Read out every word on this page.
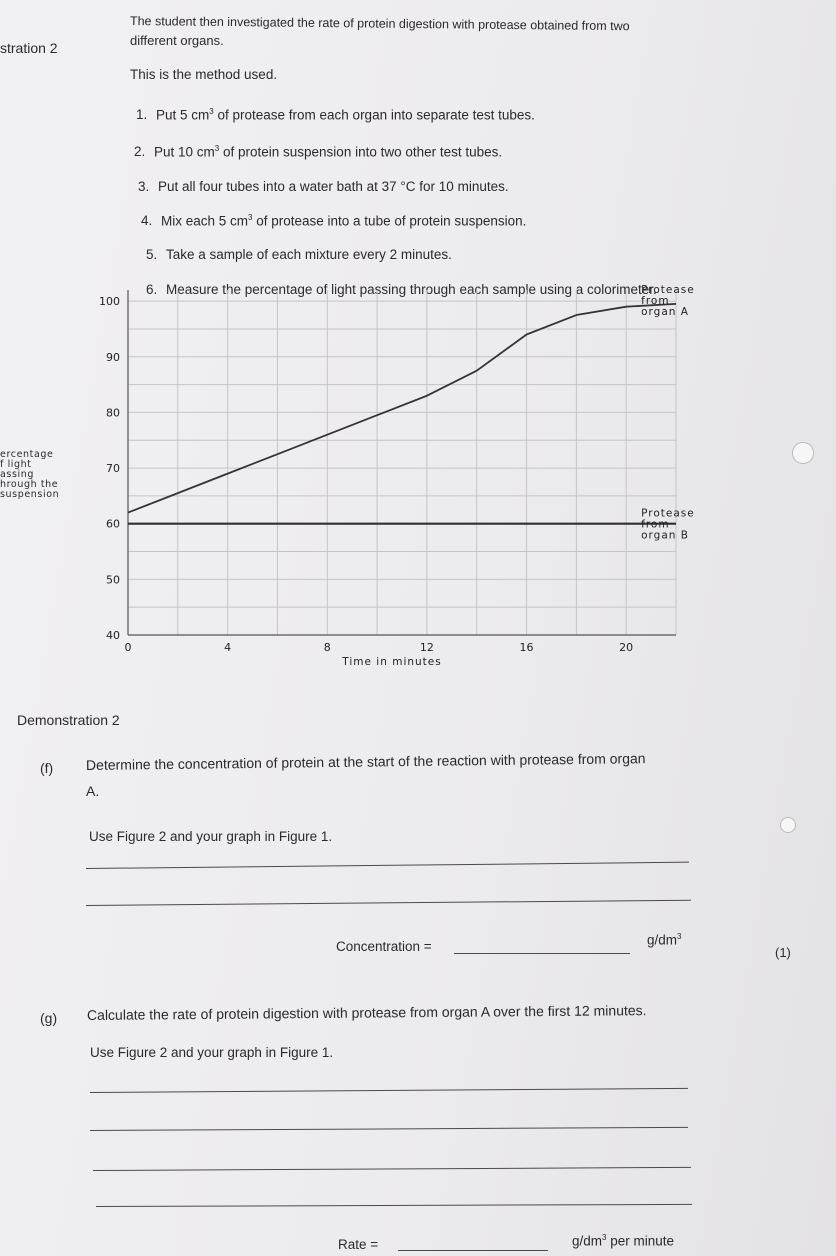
The student then investigated the rate of protein digestion with protease obtained from two
different organs.
stration 2
This is the method used.
1. Put 5 $cm^3$ of protease from each organ into separate test tubes.
2. Put 10 $cm^3$ of protein suspension into two other test tubes.
3. Put all four tubes into a water bath at 37 °C for 10 minutes.
4. Mix each 5 $cm^3$ of protease into a tube of protein suspension.
5. Take a sample of each mixture every 2 minutes.
6. Measure the percentage of light passing through each sample using a colorimeter.
40
50
60
70
80
90
100
0	4	8	12	16	20
Time in minutes
Protease
from
organ A
Protease
from
organ B
ercentage
f light
assing
hrough the
suspension
Demonstration 2
(f) Determine the concentration of protein at the start of the reaction with protease from organ
A.
Use Figure 2 and your graph in Figure 1.
Concentration =	$g/dm^3$
(1)
(g) Calculate the rate of protein digestion with protease from organ A over the first 12 minutes.
Use Figure 2 and your graph in Figure 1.
Rate =	$g/dm^3$ per minute
